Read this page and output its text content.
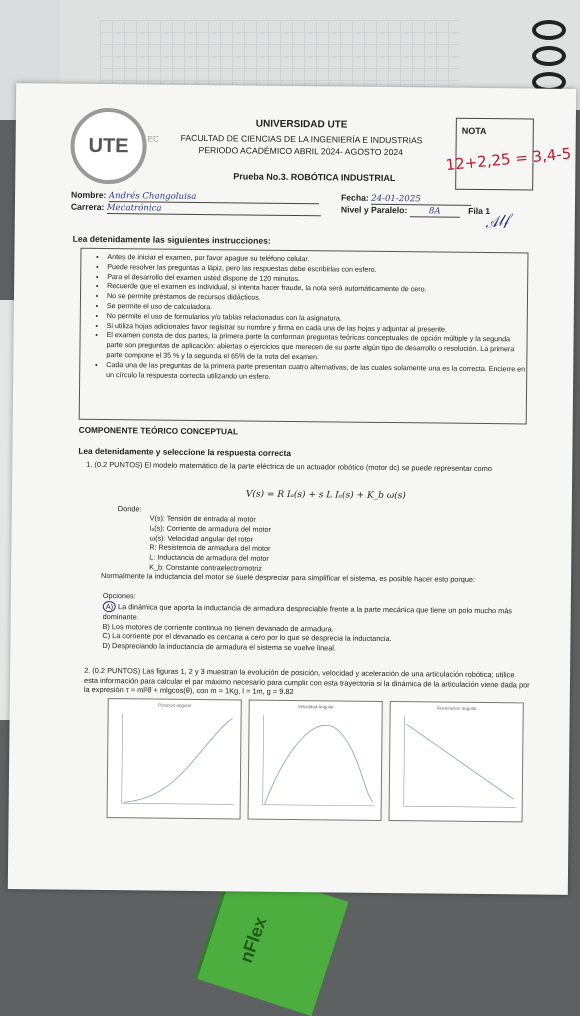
nFlex
UTE EC
UNIVERSIDAD UTE
FACULTAD DE CIENCIAS DE LA INGENIERÍA E INDUSTRIAS
PERIODO ACADÉMICO ABRIL 2024- AGOSTO 2024
NOTA
12+2,25 = 3,4-5
Prueba No.3. ROBÓTICA INDUSTRIAL
Nombre: Andrés Changoluisa	Fecha: 24-01-2025
Carrera: Mecatrónica	Nivel y Paralelo: 8A	Fila 1
𝒜𝓁𝒻
Lea detenidamente las siguientes instrucciones:
• Antes de iniciar el examen, por favor apague su teléfono celular.
• Puede resolver las preguntas a lápiz, pero las respuestas debe escribirlas con esfero.
• Para el desarrollo del examen usted dispone de 120 minutos.
• Recuerde que el examen es individual, si intenta hacer fraude, la nota será automáticamente de cero.
• No se permite préstamos de recursos didácticos.
• Se permite el uso de calculadora.
• No permite el uso de formularios y/o tablas relacionados con la asignatura.
• Si utiliza hojas adicionales favor registrar su nombre y firma en cada una de las hojas y adjuntar al presente.
• El examen consta de dos partes, la primera parte la conforman preguntas teóricas conceptuales de opción múltiple y la segunda parte son preguntas de aplicación: abiertas o ejercicios que merecen de su parte algún tipo de desarrollo o resolución. La primera parte compone el 35 % y la segunda el 65% de la nota del examen.
• Cada una de las preguntas de la primera parte presentan cuatro alternativas, de las cuales solamente una es la correcta. Encierre en un círculo la respuesta correcta utilizando un esfero.
COMPONENTE TEÓRICO CONCEPTUAL
Lea detenidamente y seleccione la respuesta correcta
1. (0.2 PUNTOS) El modelo matemático de la parte eléctrica de un actuador robótico (motor dc) se puede representar como
V(s) = R Iₐ(s) + s L Iₐ(s) + K_b ω(s)
Donde:
V(s): Tensión de entrada al motor
Iₐ(s): Corriente de armadura del motor
ω(s): Velocidad angular del rotor
R: Resistencia de armadura del motor
L: Inductancia de armadura del motor
K_b: Constante contraelectromotriz
Normalmente la inductancia del motor se suele despreciar para simplificar el sistema, es posible hacer esto porque:
Opciones:
A) La dinámica que aporta la inductancia de armadura despreciable frente a la parte mecánica que tiene un polo mucho más dominante.
B) Los motores de corriente continua no tienen devanado de armadura.
C) La corriente por el devanado es cercana a cero por lo que se desprecia la inductancia.
D) Despreciando la inductancia de armadura el sistema se vuelve lineal.
2. (0.2 PUNTOS) Las figuras 1, 2 y 3 muestran la evolución de posición, velocidad y aceleración de una articulación robótica; utilice esta información para calcular el par máximo necesario para cumplir con esta trayectoria si la dinámica de la articulación viene dada por la expresión τ = ml²θ̈ + mlgcos(θ), con m = 1Kg, l = 1m, g = 9.82
Posicion angular	Velocidad Angular	Aceleracion angular
